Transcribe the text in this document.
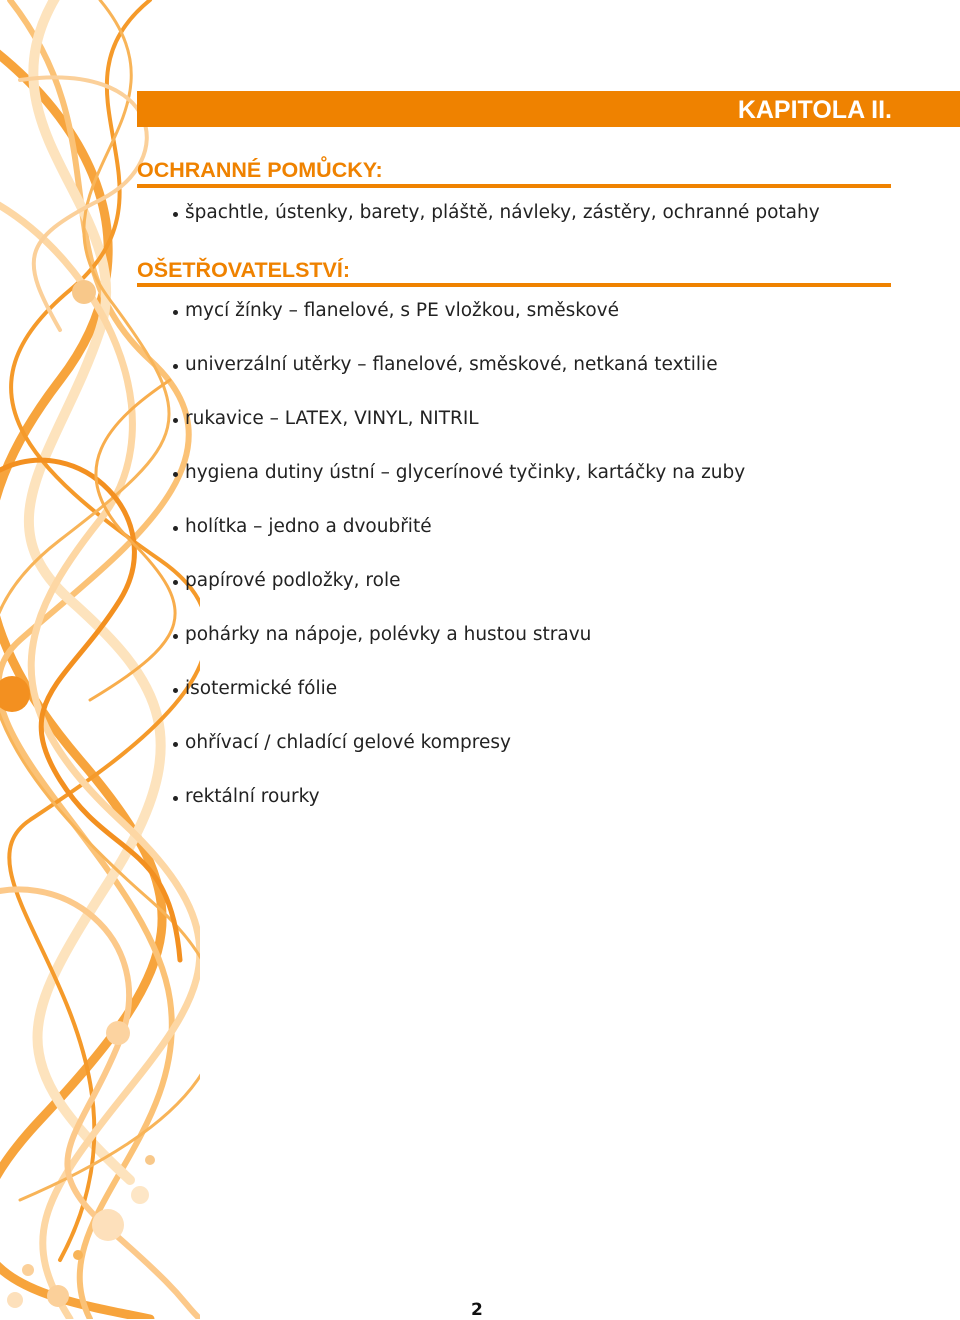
KAPITOLA II.
OCHRANNÉ POMŮCKY:
špachtle, ústenky, barety, pláště, návleky, zástěry, ochranné potahy
OŠETŘOVATELSTVÍ:
mycí žínky – flanelové, s PE vložkou, směskové
univerzální utěrky – flanelové, směskové, netkaná textilie
rukavice – LATEX, VINYL, NITRIL
hygiena dutiny ústní – glycerínové tyčinky, kartáčky na zuby
holítka – jedno a dvoubřité
papírové podložky, role
pohárky na nápoje, polévky a hustou stravu
isotermické fólie
ohřívací / chladící gelové kompresy
rektální rourky
2
